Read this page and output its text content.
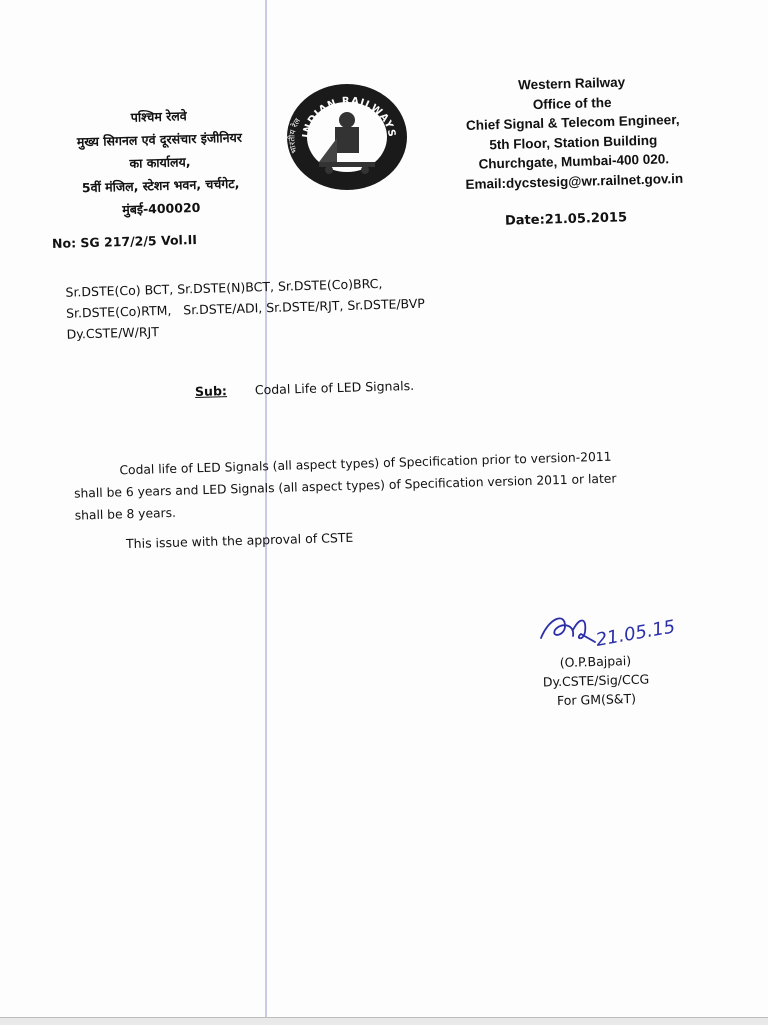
पश्चिम रेलवे
मुख्य सिगनल एवं दूरसंचार इंजीनियर
का कार्यालय,
5वीं मंजिल, स्टेशन भवन, चर्चगेट,
मुंबई-400020
INDIAN RAILWAYS
भारतीय रेल
Western Railway
Office of the
Chief Signal & Telecom Engineer,
5th Floor, Station Building
Churchgate, Mumbai-400 020.
Email:dycstesig@wr.railnet.gov.in
Date:21.05.2015
No: SG 217/2/5 Vol.II
Sr.DSTE(Co) BCT, Sr.DSTE(N)BCT, Sr.DSTE(Co)BRC,
Sr.DSTE(Co)RTM,   Sr.DSTE/ADI, Sr.DSTE/RJT, Sr.DSTE/BVP
Dy.CSTE/W/RJT
Sub: Codal Life of LED Signals.
Codal life of LED Signals (all aspect types) of Specification prior to version-2011
shall be 6 years and LED Signals (all aspect types) of Specification version 2011 or later
shall be 8 years.
This issue with the approval of CSTE
21.05.15
(O.P.Bajpai)
Dy.CSTE/Sig/CCG
For GM(S&T)
